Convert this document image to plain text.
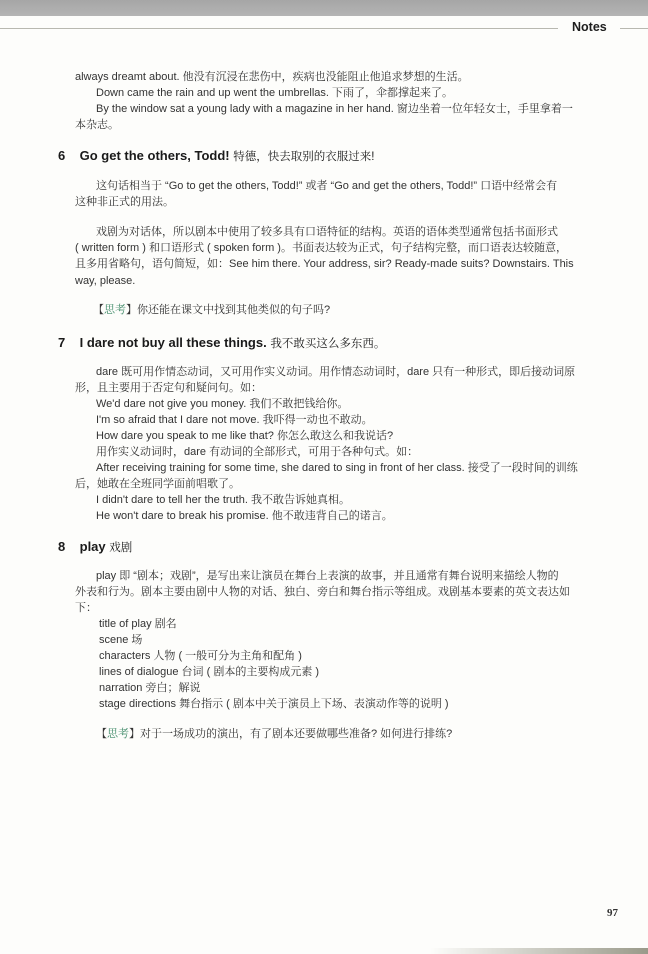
Notes
always dreamt about. 他没有沉浸在悲伤中，疾病也没能阻止他追求梦想的生活。
Down came the rain and up went the umbrellas. 下雨了，伞都撑起来了。
By the window sat a young lady with a magazine in her hand. 窗边坐着一位年轻女士，手里拿着一
本杂志。
6 Go get the others, Todd! 特德，快去取别的衣服过来!
这句话相当于 “Go to get the others, Todd!” 或者 “Go and get the others, Todd!” 口语中经常会有
这种非正式的用法。
戏剧为对话体，所以剧本中使用了较多具有口语特征的结构。英语的语体类型通常包括书面形式
( written form ) 和口语形式 ( spoken form )。书面表达较为正式，句子结构完整，而口语表达较随意，
且多用省略句，语句简短，如：See him there. Your address, sir? Ready-made suits? Downstairs. This
way, please.
【思考】你还能在课文中找到其他类似的句子吗?
7 I dare not buy all these things. 我不敢买这么多东西。
dare 既可用作情态动词，又可用作实义动词。用作情态动词时，dare 只有一种形式，即后接动词原
形，且主要用于否定句和疑问句。如：
We'd dare not give you money. 我们不敢把钱给你。
I'm so afraid that I dare not move. 我吓得一动也不敢动。
How dare you speak to me like that? 你怎么敢这么和我说话?
用作实义动词时，dare 有动词的全部形式，可用于各种句式。如：
After receiving training for some time, she dared to sing in front of her class. 接受了一段时间的训练
后，她敢在全班同学面前唱歌了。
I didn't dare to tell her the truth. 我不敢告诉她真相。
He won't dare to break his promise. 他不敢违背自己的诺言。
8 play 戏剧
play 即 “剧本；戏剧”，是写出来让演员在舞台上表演的故事，并且通常有舞台说明来描绘人物的
外表和行为。剧本主要由剧中人物的对话、独白、旁白和舞台指示等组成。戏剧基本要素的英文表达如
下：
title of play 剧名
scene 场
characters 人物 ( 一般可分为主角和配角 )
lines of dialogue 台词 ( 剧本的主要构成元素 )
narration 旁白；解说
stage directions 舞台指示 ( 剧本中关于演员上下场、表演动作等的说明 )
【思考】对于一场成功的演出，有了剧本还要做哪些准备? 如何进行排练?
97
